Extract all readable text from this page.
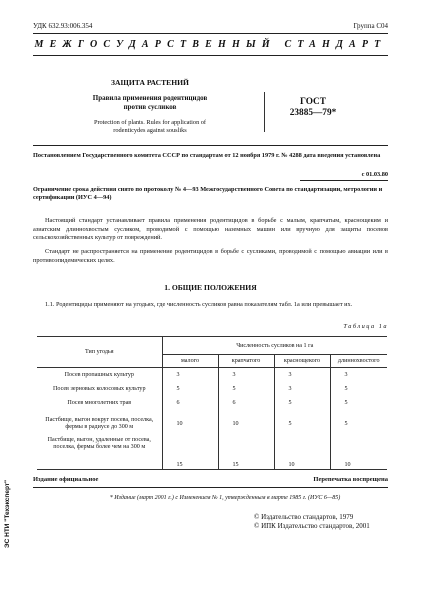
УДК 632.93:006.354	Группа С04
МЕЖГОСУДАРСТВЕННЫЙ СТАНДАРТ
ЗАЩИТА РАСТЕНИЙ
Правила применения родентицидов
против сусликов
Protection of plants. Rules for application of
rodenticydes against sousliks
ГОСТ
23885—79*
Постановлением Государственного комитета СССР по стандартам от 12 ноября 1979 г. № 4288 дата введения установлена
с 01.03.80
Ограничение срока действия снято по протоколу № 4—93 Межгосударственного Совета по стандартизации, метрологии и сертификации (ИУС 4—94)
Настоящий стандарт устанавливает правила применения родентицидов в борьбе с малым, крапчатым, краснощеким и азиатским длиннохвостым сусликом, проводимой с помощью наземных машин или вручную для защиты посевов сельскохозяйственных культур от повреждений.
Стандарт не распространяется на применение родентицидов в борьбе с сусликами, проводимой с помощью авиации или в противоэпидемических целях.
1. ОБЩИЕ ПОЛОЖЕНИЯ
1.1. Родентициды применяют на угодьях, где численность сусликов равна показателям табл. 1а или превышает их.
Таблица 1а
Тип угодья	Численность сусликов на 1 га			
	малого	крапчатого	краснощекого	длиннохвостого
Посев пропашных культур	3	3	3	3
Посев зерновых колосовых культур	5	5	3	5
Посев многолетних трав	6	6	5	5
Пастбище, выгон вокруг посева, поселка, фермы в радиусе до 300 м	10	10	5	5
Пастбище, выгон, удаленные от посева, поселка, фермы более чем на 300 м	15	15	10	10
Издание официальное	Перепечатка воспрещена
* Издание (март 2001 г.) с Изменением № 1, утвержденным в марте 1985 г. (ИУС 6—85)
© Издательство стандартов, 1979
© ИПК Издательство стандартов, 2001
ЭС НТИ "Техэксперт"
